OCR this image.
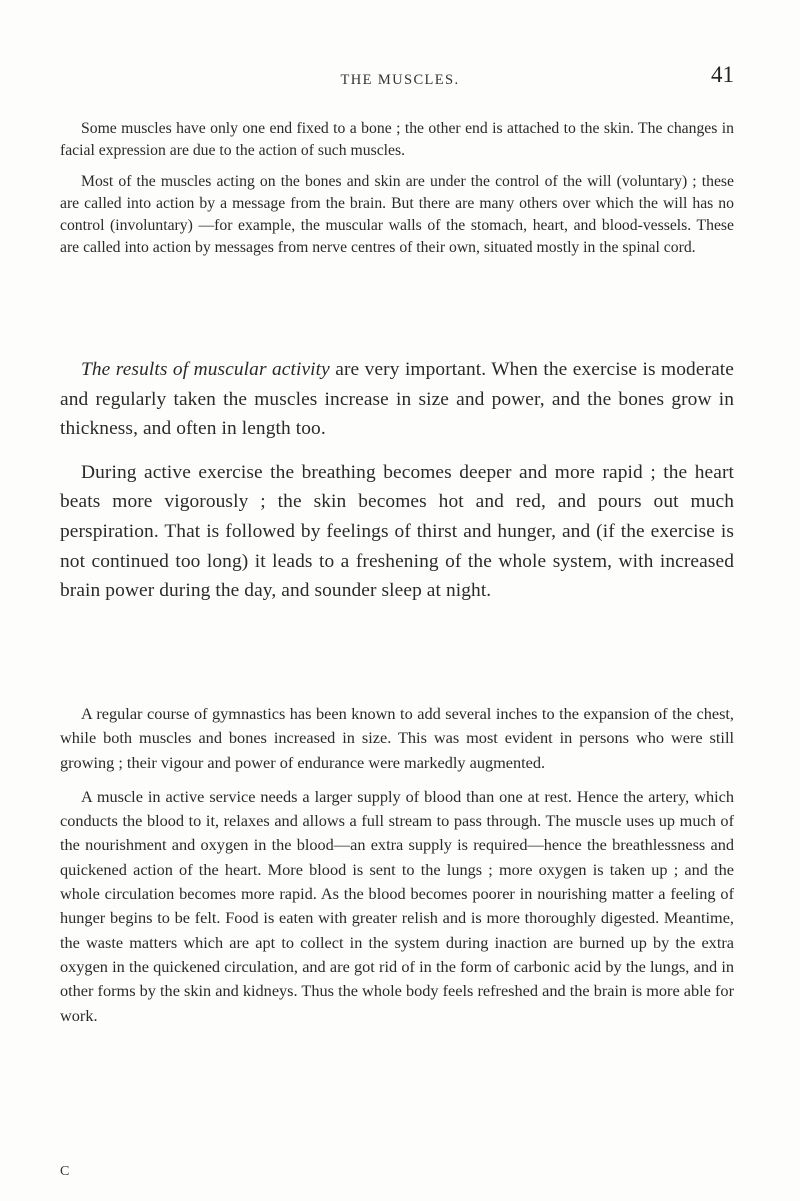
THE MUSCLES.	41

Some muscles have only one end fixed to a bone ; the other end is attached to the skin. The changes in facial expression are due to the action of such muscles.

Most of the muscles acting on the bones and skin are under the control of the will (voluntary) ; these are called into action by a message from the brain. But there are many others over which the will has no control (involuntary) —for example, the muscular walls of the stomach, heart, and blood-vessels. These are called into action by messages from nerve centres of their own, situated mostly in the spinal cord.

The results of muscular activity are very important. When the exercise is moderate and regularly taken the muscles increase in size and power, and the bones grow in thickness, and often in length too.

During active exercise the breathing becomes deeper and more rapid ; the heart beats more vigorously ; the skin becomes hot and red, and pours out much perspiration. That is followed by feelings of thirst and hunger, and (if the exercise is not continued too long) it leads to a freshening of the whole system, with increased brain power during the day, and sounder sleep at night.

A regular course of gymnastics has been known to add several inches to the expansion of the chest, while both muscles and bones increased in size. This was most evident in persons who were still growing ; their vigour and power of endurance were markedly augmented.

A muscle in active service needs a larger supply of blood than one at rest. Hence the artery, which conducts the blood to it, relaxes and allows a full stream to pass through. The muscle uses up much of the nourishment and oxygen in the blood—an extra supply is required—hence the breathlessness and quickened action of the heart. More blood is sent to the lungs ; more oxygen is taken up ; and the whole circulation becomes more rapid. As the blood becomes poorer in nourishing matter a feeling of hunger begins to be felt. Food is eaten with greater relish and is more thoroughly digested. Meantime, the waste matters which are apt to collect in the system during inaction are burned up by the extra oxygen in the quickened circulation, and are got rid of in the form of carbonic acid by the lungs, and in other forms by the skin and kidneys. Thus the whole body feels refreshed and the brain is more able for work.

C
